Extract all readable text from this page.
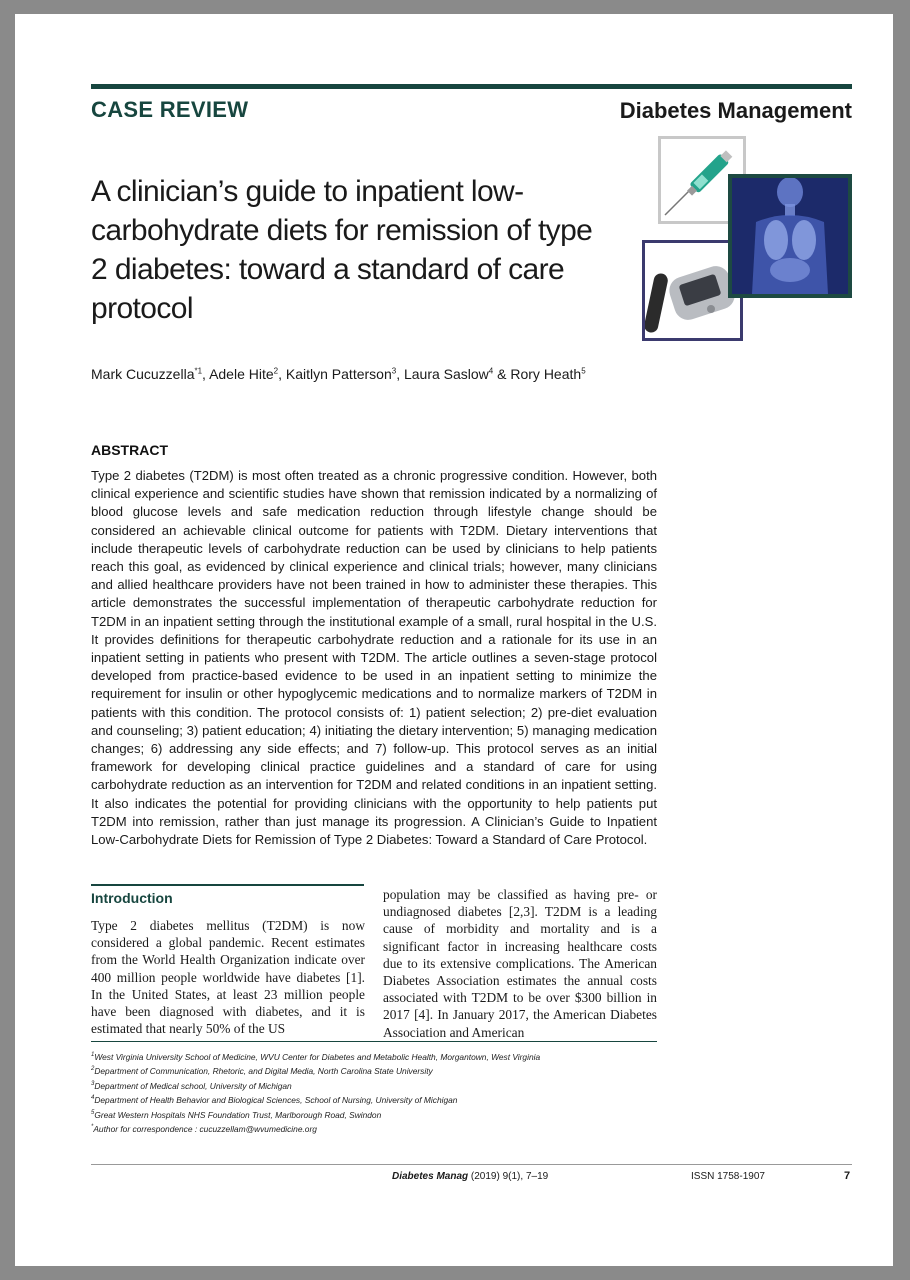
CASE REVIEW	Diabetes Management
A clinician’s guide to inpatient low-carbohydrate diets for remission of type 2 diabetes: toward a standard of care protocol
Mark Cucuzzella$^{*1}$, Adele Hite$^2$, Kaitlyn Patterson$^3$, Laura Saslow$^4$ & Rory Heath$^5$
ABSTRACT
Type 2 diabetes (T2DM) is most often treated as a chronic progressive condition. However, both clinical experience and scientific studies have shown that remission indicated by a normalizing of blood glucose levels and safe medication reduction through lifestyle change should be considered an achievable clinical outcome for patients with T2DM. Dietary interventions that include therapeutic levels of carbohydrate reduction can be used by clinicians to help patients reach this goal, as evidenced by clinical experience and clinical trials; however, many clinicians and allied healthcare providers have not been trained in how to administer these therapies. This article demonstrates the successful implementation of therapeutic carbohydrate reduction for T2DM in an inpatient setting through the institutional example of a small, rural hospital in the U.S. It provides definitions for therapeutic carbohydrate reduction and a rationale for its use in an inpatient setting in patients who present with T2DM. The article outlines a seven-stage protocol developed from practice-based evidence to be used in an inpatient setting to minimize the requirement for insulin or other hypoglycemic medications and to normalize markers of T2DM in patients with this condition. The protocol consists of: 1) patient selection; 2) pre-diet evaluation and counseling; 3) patient education; 4) initiating the dietary intervention; 5) managing medication changes; 6) addressing any side effects; and 7) follow-up. This protocol serves as an initial framework for developing clinical practice guidelines and a standard of care for using carbohydrate reduction as an intervention for T2DM and related conditions in an inpatient setting. It also indicates the potential for providing clinicians with the opportunity to help patients put T2DM into remission, rather than just manage its progression. A Clinician’s Guide to Inpatient Low-Carbohydrate Diets for Remission of Type 2 Diabetes: Toward a Standard of Care Protocol.
Introduction
Type 2 diabetes mellitus (T2DM) is now considered a global pandemic. Recent estimates from the World Health Organization indicate over 400 million people worldwide have diabetes [1]. In the United States, at least 23 million people have been diagnosed with diabetes, and it is estimated that nearly 50% of the US
population may be classified as having pre- or undiagnosed diabetes [2,3]. T2DM is a leading cause of morbidity and mortality and is a significant factor in increasing healthcare costs due to its extensive complications. The American Diabetes Association estimates the annual costs associated with T2DM to be over $300 billion in 2017 [4]. In January 2017, the American Diabetes Association and American
$^1$West Virginia University School of Medicine, WVU Center for Diabetes and Metabolic Health, Morgantown, West Virginia
$^2$Department of Communication, Rhetoric, and Digital Media, North Carolina State University
$^3$Department of Medical school, University of Michigan
$^4$Department of Health Behavior and Biological Sciences, School of Nursing, University of Michigan
$^5$Great Western Hospitals NHS Foundation Trust, Marlborough Road, Swindon
*Author for correspondence : cucuzzellam@wvumedicine.org
Diabetes Manag (2019) 9(1), 7–19	ISSN 1758-1907	7
